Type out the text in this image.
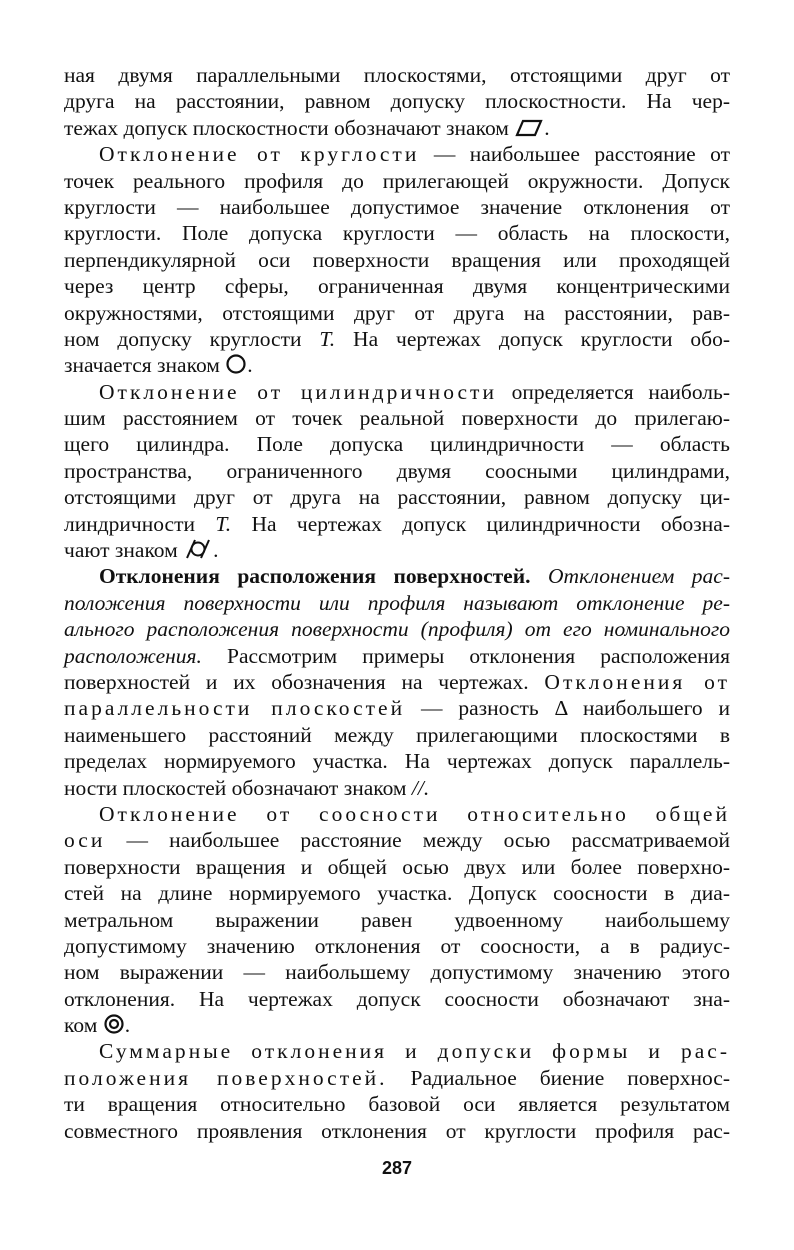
ная двумя параллельными плоскостями, отстоящими друг от
друга на расстоянии, равном допуску плоскостности. На чер-
тежах допуск плоскостности обозначают знаком .
Отклонение от круглости — наибольшее расстояние от
точек реального профиля до прилегающей окружности. Допуск
круглости — наибольшее допустимое значение отклонения от
круглости. Поле допуска круглости — область на плоскости,
перпендикулярной оси поверхности вращения или проходящей
через центр сферы, ограниченная двумя концентрическими
окружностями, отстоящими друг от друга на расстоянии, рав-
ном допуску круглости T. На чертежах допуск круглости обо-
значается знаком .
Отклонение от цилиндричности определяется наиболь-
шим расстоянием от точек реальной поверхности до прилегаю-
щего цилиндра. Поле допуска цилиндричности — область
пространства, ограниченного двумя соосными цилиндрами,
отстоящими друг от друга на расстоянии, равном допуску ци-
линдричности T. На чертежах допуск цилиндричности обозна-
чают знаком .
Отклонения расположения поверхностей. Отклонением рас-
положения поверхности или профиля называют отклонение ре-
ального расположения поверхности (профиля) от его номинального
расположения. Рассмотрим примеры отклонения расположения
поверхностей и их обозначения на чертежах. Отклонения от
параллельности плоскостей — разность Δ наибольшего и
наименьшего расстояний между прилегающими плоскостями в
пределах нормируемого участка. На чертежах допуск параллель-
ности плоскостей обозначают знаком //.
Отклонение от соосности относительно общей
оси — наибольшее расстояние между осью рассматриваемой
поверхности вращения и общей осью двух или более поверхно-
стей на длине нормируемого участка. Допуск соосности в диа-
метральном выражении равен удвоенному наибольшему
допустимому значению отклонения от соосности, а в радиус-
ном выражении — наибольшему допустимому значению этого
отклонения. На чертежах допуск соосности обозначают зна-
ком .
Суммарные отклонения и допуски формы и рас-
положения поверхностей. Радиальное биение поверхнос-
ти вращения относительно базовой оси является результатом
совместного проявления отклонения от круглости профиля рас-
287
